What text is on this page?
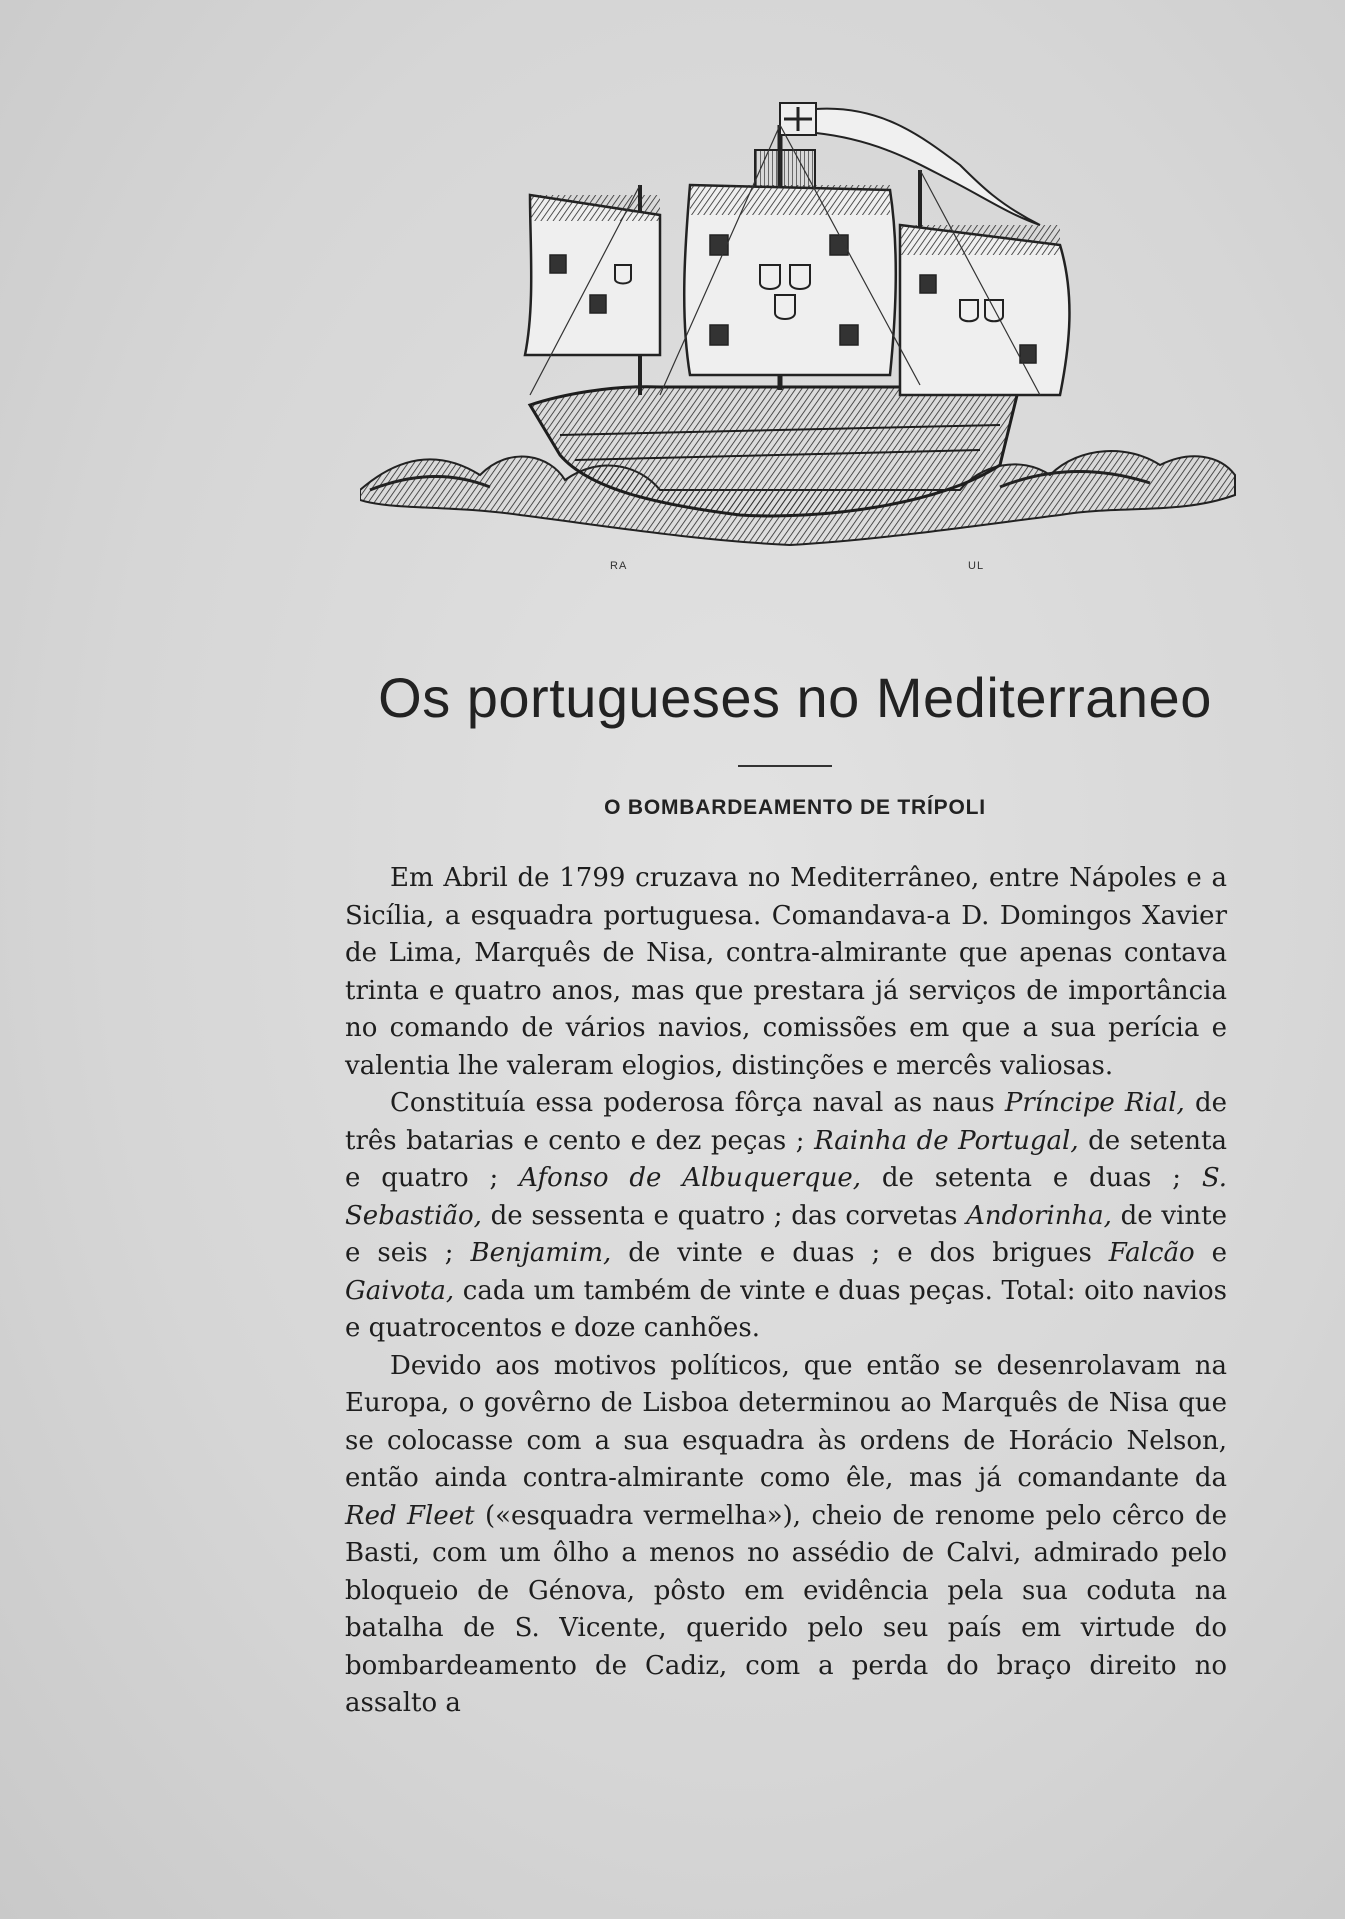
RA	UL
Os portugueses no Mediterraneo
O BOMBARDEAMENTO DE TRÍPOLI

Em Abril de 1799 cruzava no Mediterrâneo, entre Nápoles e a Sicília, a esquadra portuguesa. Comandava-a D. Domingos Xavier de Lima, Marquês de Nisa, contra-almirante que apenas contava trinta e quatro anos, mas que prestara já serviços de importância no comando de vários navios, comissões em que a sua perícia e valentia lhe valeram elogios, distinções e mercês valiosas.

Constituía essa poderosa fôrça naval as naus Príncipe Rial, de três batarias e cento e dez peças ; Rainha de Portugal, de setenta e quatro ; Afonso de Albuquerque, de setenta e duas ; S. Sebastião, de sessenta e quatro ; das corvetas Andorinha, de vinte e seis ; Benjamim, de vinte e duas ; e dos brigues Falcão e Gaivota, cada um também de vinte e duas peças. Total: oito navios e quatrocentos e doze canhões.

Devido aos motivos políticos, que então se desenrolavam na Europa, o govêrno de Lisboa determinou ao Marquês de Nisa que se colocasse com a sua esquadra às ordens de Horácio Nelson, então ainda contra-almirante como êle, mas já comandante da Red Fleet («esquadra vermelha»), cheio de renome pelo cêrco de Basti, com um ôlho a menos no assédio de Calvi, admirado pelo bloqueio de Génova, pôsto em evidência pela sua coduta na batalha de S. Vicente, querido pelo seu país em virtude do bombardeamento de Cadiz, com a perda do braço direito no assalto a
